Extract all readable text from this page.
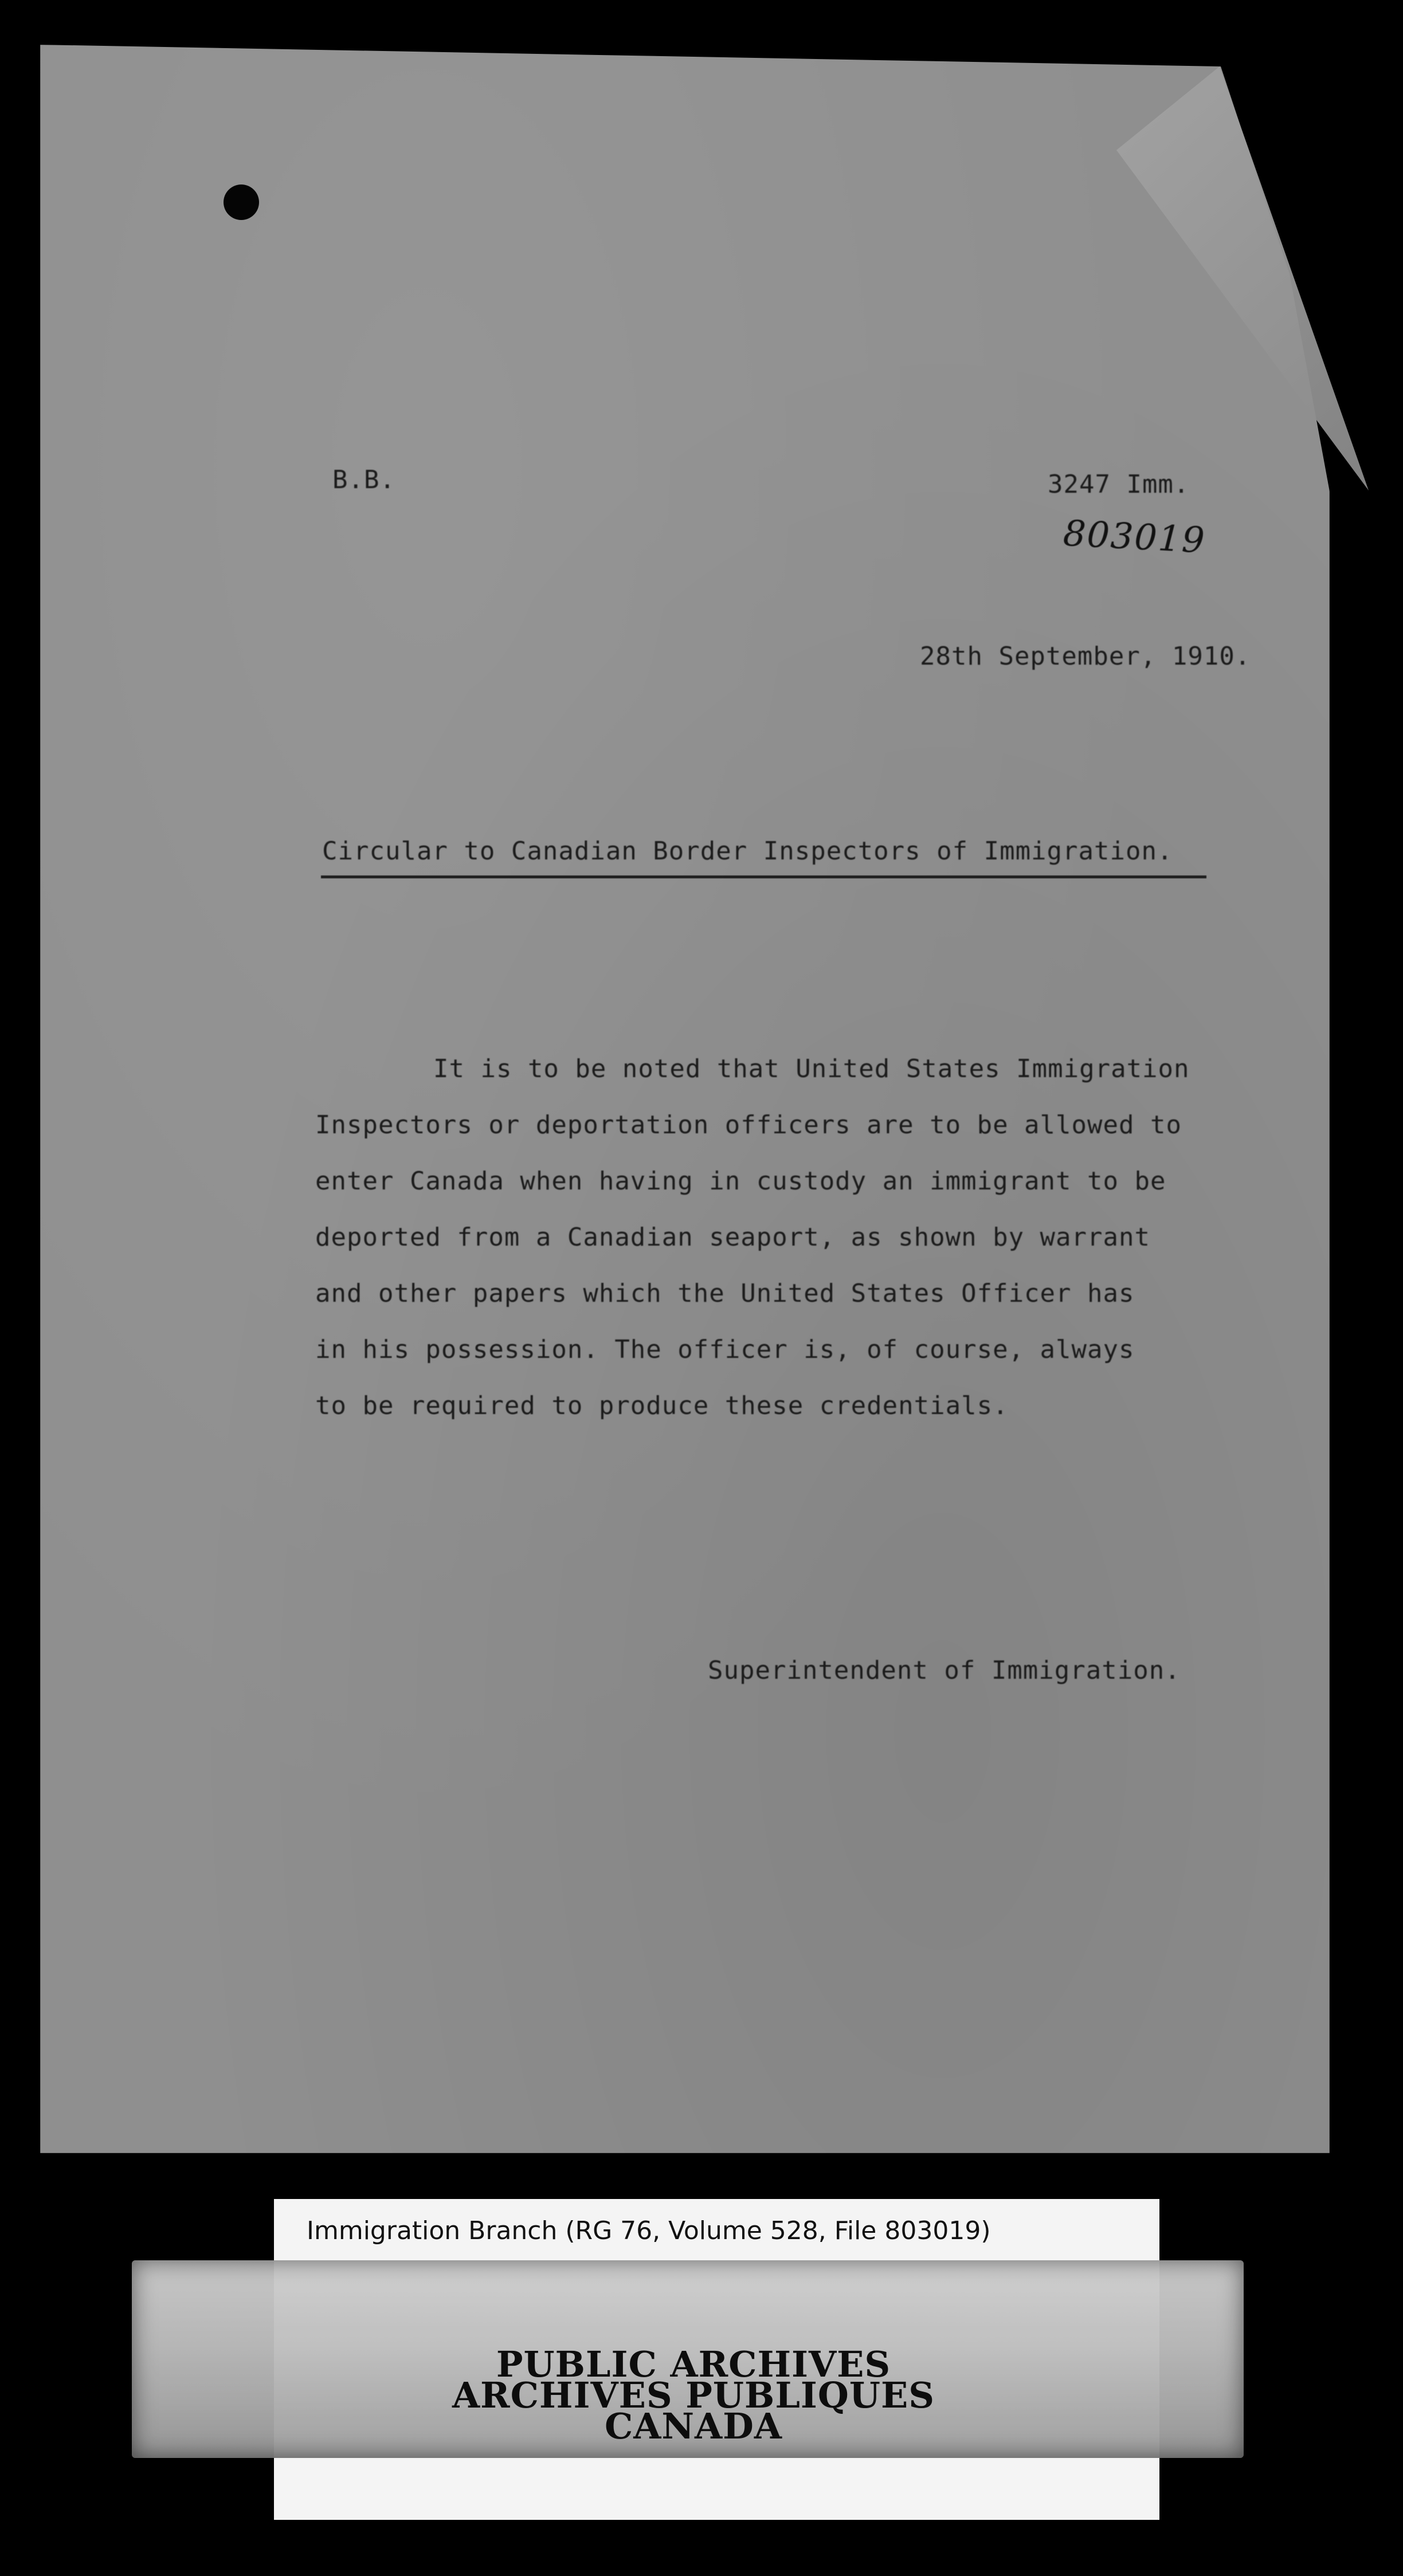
B.B.	3247 Imm.
803019
28th September, 1910.
Circular to Canadian Border Inspectors of Immigration.
It is to be noted that United States Immigration
Inspectors or deportation officers are to be allowed to
enter Canada when having in custody an immigrant to be
deported from a Canadian seaport, as shown by warrant
and other papers which the United States Officer has
in his possession. The officer is, of course, always
to be required to produce these credentials.
Superintendent of Immigration.
Immigration Branch (RG 76, Volume 528, File 803019)
PUBLIC ARCHIVES
ARCHIVES PUBLIQUES
CANADA
